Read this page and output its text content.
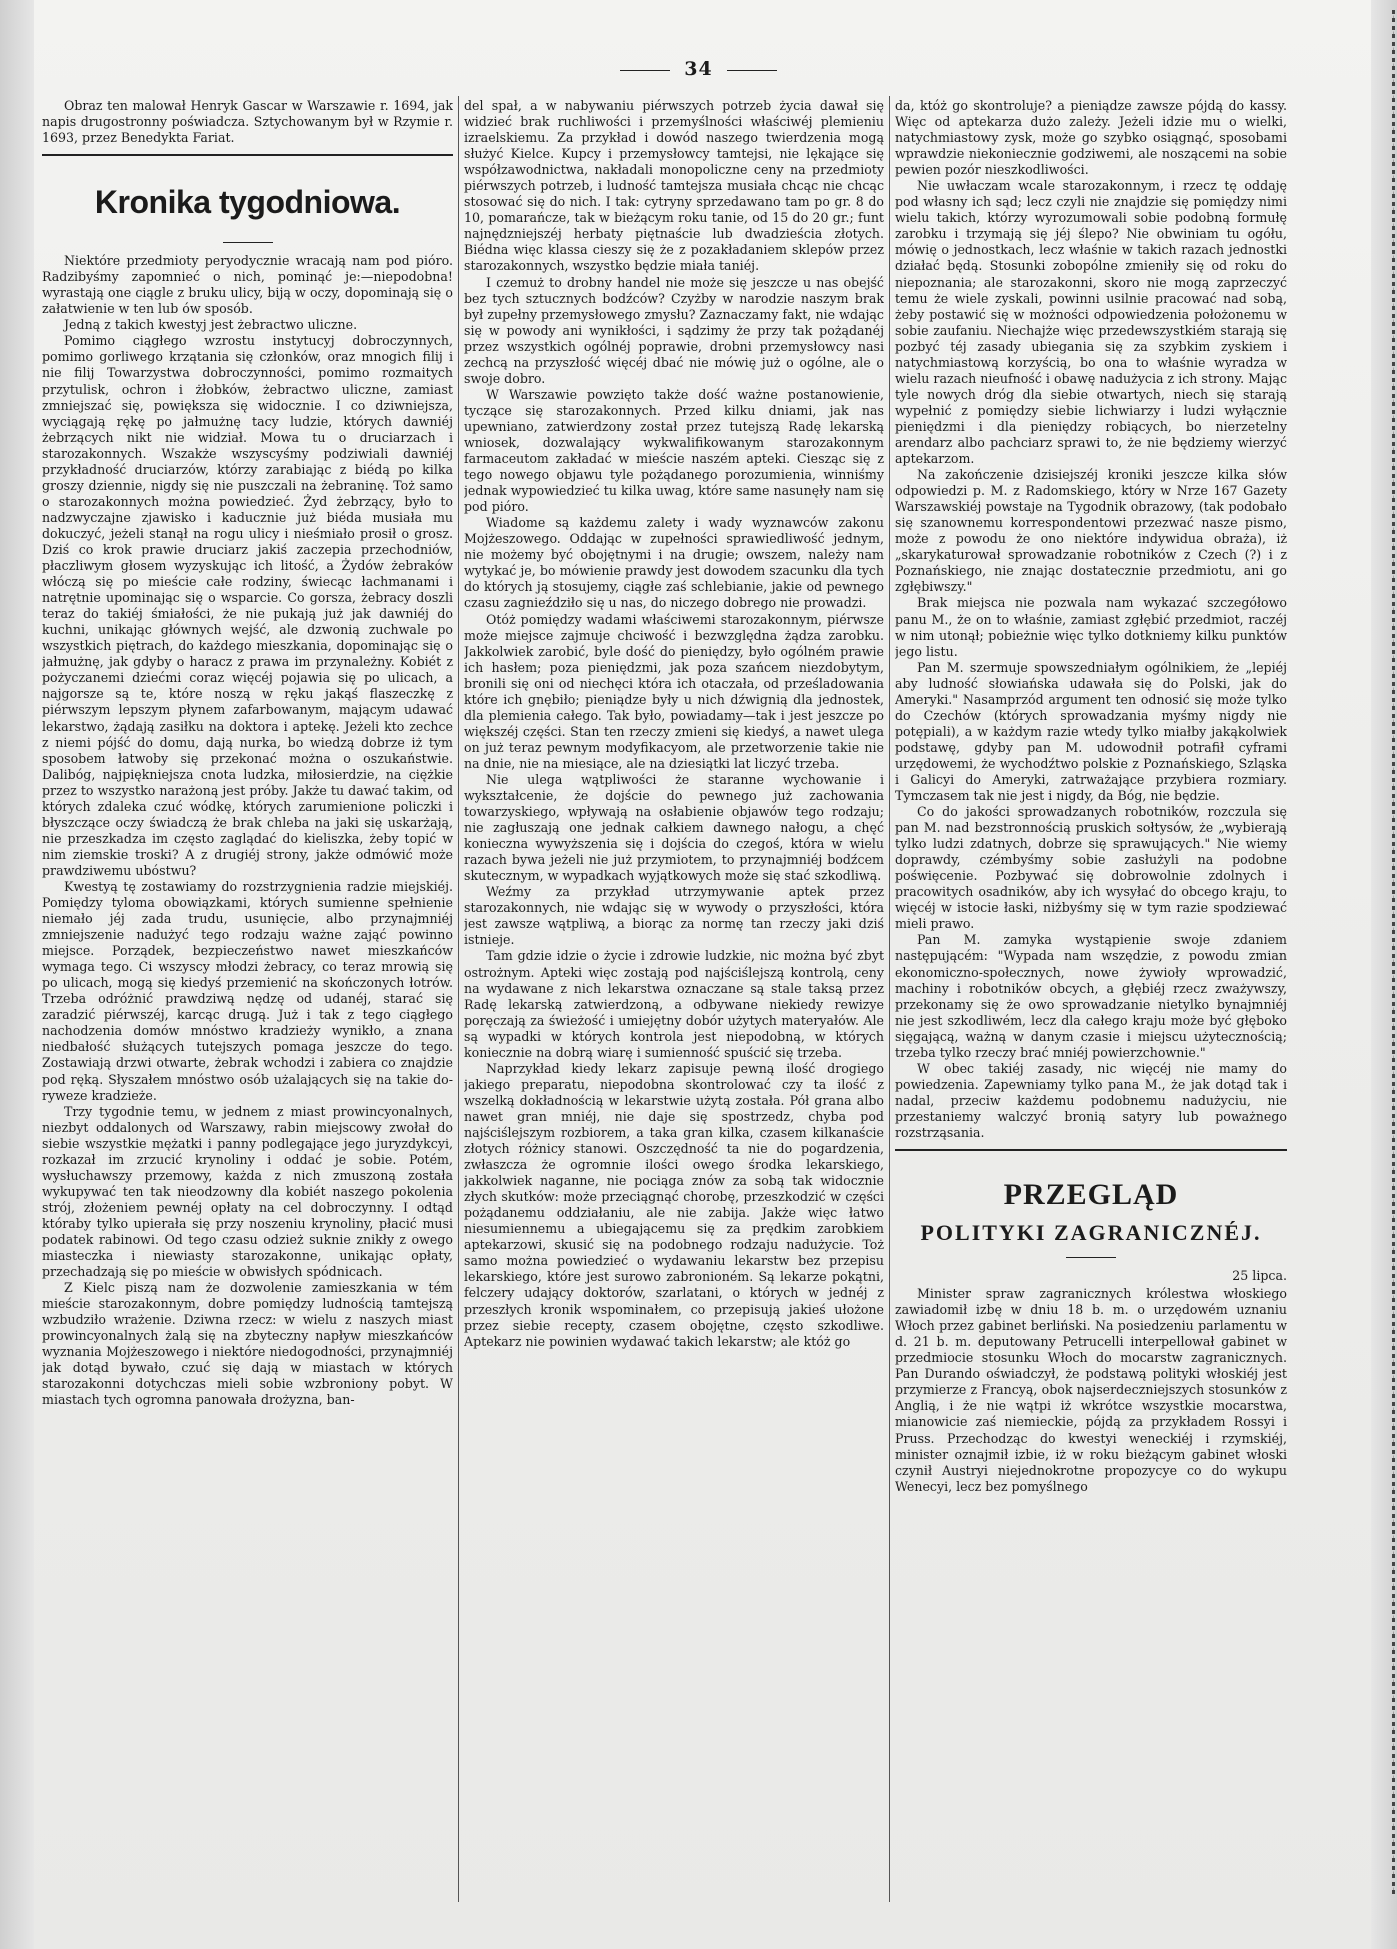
34

Obraz ten malował Henryk Gascar w Warszawie r. 1694, jak napis drugostronny poświadcza. Sztychowanym był w Rzymie r. 1693, przez Benedykta Fariat.

Kronika tygodniowa.

Niektóre przedmioty peryodycznie wracają nam pod pióro. Radzibyśmy zapomnieć o nich, pominąć je:—niepodobna! wyrastają one ciągle z bruku ulicy, biją w oczy, dopominają się o załatwienie w ten lub ów sposób.

Jedną z takich kwestyj jest żebractwo uliczne.

Pomimo ciągłego wzrostu instytucyj dobroczynnych, pomimo gorliwego krzątania się członków, oraz mnogich filij i nie filij Towarzystwa dobroczynności, pomimo rozmaitych przytulisk, ochron i żłobków, żebractwo uliczne, zamiast zmniejszać się, powiększa się widocznie. I co dziwniejsza, wyciągają rękę po jałmużnę tacy ludzie, których dawniéj żebrzących nikt nie widział. Mowa tu o druciarzach i starozakonnych. Wszakże wszyscyśmy podziwiali dawniéj przykładność druciarzów, którzy zarabiając z biédą po kilka groszy dziennie, nigdy się nie puszczali na żebraninę. Toż samo o starozakonnych można powiedzieć. Żyd żebrzący, było to nadzwyczajne zjawisko i kaducznie już biéda musiała mu dokuczyć, jeżeli stanął na rogu ulicy i nieśmiało prosił o grosz. Dziś co krok prawie druciarz jakiś zaczepia przechodniów, płaczliwym głosem wyzyskując ich litość, a Żydów żebraków włóczą się po mieście całe rodziny, świecąc łachmanami i natrętnie upominając się o wsparcie. Co gorsza, żebracy doszli teraz do takiéj śmiałości, że nie pukają już jak dawniéj do kuchni, unikając głównych wejść, ale dzwonią zuchwale po wszystkich piętrach, do każdego mieszkania, dopominając się o jałmużnę, jak gdyby o haracz z prawa im przynależny. Kobiét z pożyczanemi dziećmi coraz więcéj pojawia się po ulicach, a najgorsze są te, które noszą w ręku jakąś flaszeczkę z piérwszym lepszym płynem zafarbowanym, mającym udawać lekarstwo, żądają zasiłku na doktora i aptekę. Jeżeli kto zechce z niemi pójść do domu, dają nurka, bo wiedzą dobrze iż tym sposobem łatwoby się przekonać można o oszukaństwie. Dalibóg, najpiękniejsza cnota ludzka, miłosierdzie, na ciężkie przez to wszystko narażoną jest próby. Jakże tu dawać takim, od których zdaleka czuć wódkę, których zarumienione policzki i błyszczące oczy świadczą że brak chleba na jaki się uskarżają, nie przeszkadza im często zaglądać do kieliszka, żeby topić w nim ziemskie troski? A z drugiéj strony, jakże odmówić może prawdziwemu ubóstwu?

Kwestyą tę zostawiamy do rozstrzygnienia radzie miejskiéj. Pomiędzy tyloma obowiązkami, których sumienne spełnienie niemało jéj zada trudu, usunięcie, albo przynajmniéj zmniejszenie nadużyć tego rodzaju ważne zająć powinno miejsce. Porządek, bezpieczeństwo nawet mieszkańców wymaga tego. Ci wszyscy młodzi żebracy, co teraz mrowią się po ulicach, mogą się kiedyś przemienić na skończonych łotrów. Trzeba odróżnić prawdziwą nędzę od udanéj, starać się zaradzić piérwszéj, karcąc drugą. Już i tak z tego ciągłego nachodzenia domów mnóstwo kradzieży wynikło, a znana niedbałość służących tutejszych pomaga jeszcze do tego. Zostawiają drzwi otwarte, żebrak wchodzi i zabiera co znajdzie pod ręką. Słyszałem mnóstwo osób użalających się na takie do-ryweze kradzieże.

Trzy tygodnie temu, w jednem z miast prowincyonalnych, niezbyt oddalonych od Warszawy, rabin miejscowy zwołał do siebie wszystkie mężatki i panny podlegające jego juryzdykcyi, rozkazał im zrzucić krynoliny i oddać je sobie. Potém, wysłuchawszy przemowy, każda z nich zmuszoną została wykupywać ten tak nieodzowny dla kobiét naszego pokolenia strój, złożeniem pewnéj opłaty na cel dobroczynny. I odtąd któraby tylko upierała się przy noszeniu krynoliny, płacić musi podatek rabinowi. Od tego czasu odzież suknie znikły z owego miasteczka i niewiasty starozakonne, unikając opłaty, przechadzają się po mieście w obwisłych spódnicach.

Z Kielc piszą nam że dozwolenie zamieszkania w tém mieście starozakonnym, dobre pomiędzy ludnością tamtejszą wzbudziło wrażenie. Dziwna rzecz: w wielu z naszych miast prowincyonalnych żalą się na zbyteczny napływ mieszkańców wyznania Mojżeszowego i niektóre niedogodności, przynajmniéj jak dotąd bywało, czuć się dają w miastach w których starozakonni dotychczas mieli sobie wzbroniony pobyt. W miastach tych ogromna panowała drożyzna, ban-

del spał, a w nabywaniu piérwszych potrzeb życia dawał się widzieć brak ruchliwości i przemyślności właściwéj plemieniu izraelskiemu. Za przykład i dowód naszego twierdzenia mogą służyć Kielce. Kupcy i przemysłowcy tamtejsi, nie lękające się współzawodnictwa, nakładali monopoliczne ceny na przedmioty piérwszych potrzeb, i ludność tamtejsza musiała chcąc nie chcąc stosować się do nich. I tak: cytryny sprzedawano tam po gr. 8 do 10, pomarańcze, tak w bieżącym roku tanie, od 15 do 20 gr.; funt najnędzniejszéj herbaty piętnaście lub dwadzieścia złotych. Biédna więc klassa cieszy się że z pozakładaniem sklepów przez starozakonnych, wszystko będzie miała taniéj.

I czemuż to drobny handel nie może się jeszcze u nas obejść bez tych sztucznych bodźców? Czyżby w narodzie naszym brak był zupełny przemysłowego zmysłu? Zaznaczamy fakt, nie wdając się w powody ani wynikłości, i sądzimy że przy tak pożądanéj przez wszystkich ogólnéj poprawie, drobni przemysłowcy nasi zechcą na przyszłość więcéj dbać nie mówię już o ogólne, ale o swoje dobro.

W Warszawie powzięto także dość ważne postanowienie, tyczące się starozakonnych. Przed kilku dniami, jak nas upewniano, zatwierdzony został przez tutejszą Radę lekarską wniosek, dozwalający wykwalifikowanym starozakonnym farmaceutom zakładać w mieście naszém apteki. Ciesząc się z tego nowego objawu tyle pożądanego porozumienia, winniśmy jednak wypowiedzieć tu kilka uwag, które same nasunęły nam się pod pióro.

Wiadome są każdemu zalety i wady wyznawców zakonu Mojżeszowego. Oddając w zupełności sprawiedliwość jednym, nie możemy być obojętnymi i na drugie; owszem, należy nam wytykać je, bo mówienie prawdy jest dowodem szacunku dla tych do których ją stosujemy, ciągłe zaś schlebianie, jakie od pewnego czasu zagnieździło się u nas, do niczego dobrego nie prowadzi.

Otóż pomiędzy wadami właściwemi starozakonnym, piérwsze może miejsce zajmuje chciwość i bezwzględna żądza zarobku. Jakkolwiek zarobić, byle dość do pieniędzy, było ogólném prawie ich hasłem; poza pieniędzmi, jak poza szańcem niezdobytym, bronili się oni od niechęci która ich otaczała, od prześladowania które ich gnębiło; pieniądze były u nich dźwignią dla jednostek, dla plemienia całego. Tak było, powiadamy—tak i jest jeszcze po większéj części. Stan ten rzeczy zmieni się kiedyś, a nawet ulega on już teraz pewnym modyfikacyom, ale przetworzenie takie nie na dnie, nie na miesiące, ale na dziesiątki lat liczyć trzeba.

Nie ulega wątpliwości że staranne wychowanie i wykształcenie, że dojście do pewnego już zachowania towarzyskiego, wpływają na osłabienie objawów tego rodzaju; nie zagłuszają one jednak całkiem dawnego nałogu, a chęć konieczna wywyższenia się i dojścia do czegoś, która w wielu razach bywa jeżeli nie już przymiotem, to przynajmniéj bodźcem skutecznym, w wypadkach wyjątkowych może się stać szkodliwą.

Weźmy za przykład utrzymywanie aptek przez starozakonnych, nie wdając się w wywody o przyszłości, która jest zawsze wątpliwą, a biorąc za normę tan rzeczy jaki dziś istnieje.

Tam gdzie idzie o życie i zdrowie ludzkie, nic można być zbyt ostrożnym. Apteki więc zostają pod najściślejszą kontrolą, ceny na wydawane z nich lekarstwa oznaczane są stale taksą przez Radę lekarską zatwierdzoną, a odbywane niekiedy rewizye poręczają za świeżość i umiejętny dobór użytych materyałów. Ale są wypadki w których kontrola jest niepodobną, w których koniecznie na dobrą wiarę i sumienność spuścić się trzeba.

Naprzykład kiedy lekarz zapisuje pewną ilość drogiego jakiego preparatu, niepodobna skontrolować czy ta ilość z wszelką dokładnością w lekarstwie użytą została. Pół grana albo nawet gran mniéj, nie daje się spostrzedz, chyba pod najściślejszym rozbiorem, a taka gran kilka, czasem kilkanaście złotych różnicy stanowi. Oszczędność ta nie do pogardzenia, zwłaszcza że ogromnie ilości owego środka lekarskiego, jakkolwiek naganne, nie pociąga znów za sobą tak widocznie złych skutków: może przeciągnąć chorobę, przeszkodzić w części pożądanemu oddziałaniu, ale nie zabija. Jakże więc łatwo niesumiennemu a ubiegającemu się za prędkim zarobkiem aptekarzowi, skusić się na podobnego rodzaju nadużycie. Toż samo można powiedzieć o wydawaniu lekarstw bez przepisu lekarskiego, które jest surowo zabronioném. Są lekarze pokątni, felczery udający doktorów, szarlatani, o których w jednéj z przeszłych kronik wspominałem, co przepisują jakieś ułożone przez siebie recepty, czasem obojętne, często szkodliwe. Aptekarz nie powinien wydawać takich lekarstw; ale któż go

da, któż go skontroluje? a pieniądze zawsze pójdą do kassy. Więc od aptekarza dużo zależy. Jeżeli idzie mu o wielki, natychmiastowy zysk, może go szybko osiągnąć, sposobami wprawdzie niekoniecznie godziwemi, ale noszącemi na sobie pewien pozór nieszkodliwości.

Nie uwłaczam wcale starozakonnym, i rzecz tę oddaję pod własny ich sąd; lecz czyli nie znajdzie się pomiędzy nimi wielu takich, którzy wyrozumowali sobie podobną formułę zarobku i trzymają się jéj ślepo? Nie obwiniam tu ogółu, mówię o jednostkach, lecz właśnie w takich razach jednostki działać będą. Stosunki zobopólne zmieniły się od roku do niepoznania; ale starozakonni, skoro nie mogą zaprzeczyć temu że wiele zyskali, powinni usilnie pracować nad sobą, żeby postawić się w możności odpowiedzenia położonemu w sobie zaufaniu. Niechajże więc przedewszystkiém starają się pozbyć téj zasady ubiegania się za szybkim zyskiem i natychmiastową korzyścią, bo ona to właśnie wyradza w wielu razach nieufność i obawę nadużycia z ich strony. Mając tyle nowych dróg dla siebie otwartych, niech się starają wypełnić z pomiędzy siebie lichwiarzy i ludzi wyłącznie pieniędzmi i dla pieniędzy robiących, bo nierzetelny arendarz albo pachciarz sprawi to, że nie będziemy wierzyć aptekarzom.

Na zakończenie dzisiejszéj kroniki jeszcze kilka słów odpowiedzi p. M. z Radomskiego, który w Nrze 167 Gazety Warszawskiéj powstaje na Tygodnik obrazowy, (tak podobało się szanownemu korrespondentowi przezwać nasze pismo, może z powodu że ono niektóre indywidua obraża), iż „skarykaturował sprowadzanie robotników z Czech (?) i z Poznańskiego, nie znając dostatecznie przedmiotu, ani go zgłębiwszy."

Brak miejsca nie pozwala nam wykazać szczegółowo panu M., że on to właśnie, zamiast zgłębić przedmiot, raczéj w nim utonął; pobieżnie więc tylko dotkniemy kilku punktów jego listu.

Pan M. szermuje spowszedniałym ogólnikiem, że „lepiéj aby ludność słowiańska udawała się do Polski, jak do Ameryki." Nasamprzód argument ten odnosić się może tylko do Czechów (których sprowadzania myśmy nigdy nie potępiali), a w każdym razie wtedy tylko miałby jakąkolwiek podstawę, gdyby pan M. udowodnił potrafił cyframi urzędowemi, że wychodźtwo polskie z Poznańskiego, Szląska i Galicyi do Ameryki, zatrważające przybiera rozmiary. Tymczasem tak nie jest i nigdy, da Bóg, nie będzie.

Co do jakości sprowadzanych robotników, rozczula się pan M. nad bezstronnością pruskich sołtysów, że „wybierają tylko ludzi zdatnych, dobrze się sprawujących." Nie wiemy doprawdy, czémbyśmy sobie zasłużyli na podobne poświęcenie. Pozbywać się dobrowolnie zdolnych i pracowitych osadników, aby ich wysyłać do obcego kraju, to więcéj w istocie łaski, niżbyśmy się w tym razie spodziewać mieli prawo.

Pan M. zamyka wystąpienie swoje zdaniem następującém: "Wypada nam wszędzie, z powodu zmian ekonomiczno-społecznych, nowe żywioły wprowadzić, machiny i robotników obcych, a głębiéj rzecz zważywszy, przekonamy się że owo sprowadzanie nietylko bynajmniéj nie jest szkodliwém, lecz dla całego kraju może być głęboko sięgającą, ważną w danym czasie i miejscu użytecznością; trzeba tylko rzeczy brać mniéj powierzchownie."

W obec takiéj zasady, nic więcéj nie mamy do powiedzenia. Zapewniamy tylko pana M., że jak dotąd tak i nadal, przeciw każdemu podobnemu nadużyciu, nie przestaniemy walczyć bronią satyry lub poważnego rozstrząsania.

PRZEGLĄD
POLITYKI ZAGRANICZNÉJ.
25 lipca.

Minister spraw zagranicznych królestwa włoskiego zawiadomił izbę w dniu 18 b. m. o urzędowém uznaniu Włoch przez gabinet berliński. Na posiedzeniu parlamentu w d. 21 b. m. deputowany Petrucelli interpellował gabinet w przedmiocie stosunku Włoch do mocarstw zagranicznych. Pan Durando oświadczył, że podstawą polityki włoskiéj jest przymierze z Francyą, obok najserdeczniejszych stosunków z Anglią, i że nie wątpi iż wkrótce wszystkie mocarstwa, mianowicie zaś niemieckie, pójdą za przykładem Rossyi i Pruss. Przechodząc do kwestyi weneckiéj i rzymskiéj, minister oznajmił izbie, iż w roku bieżącym gabinet włoski czynił Austryi niejednokrotne propozycye co do wykupu Wenecyi, lecz bez pomyślnego
